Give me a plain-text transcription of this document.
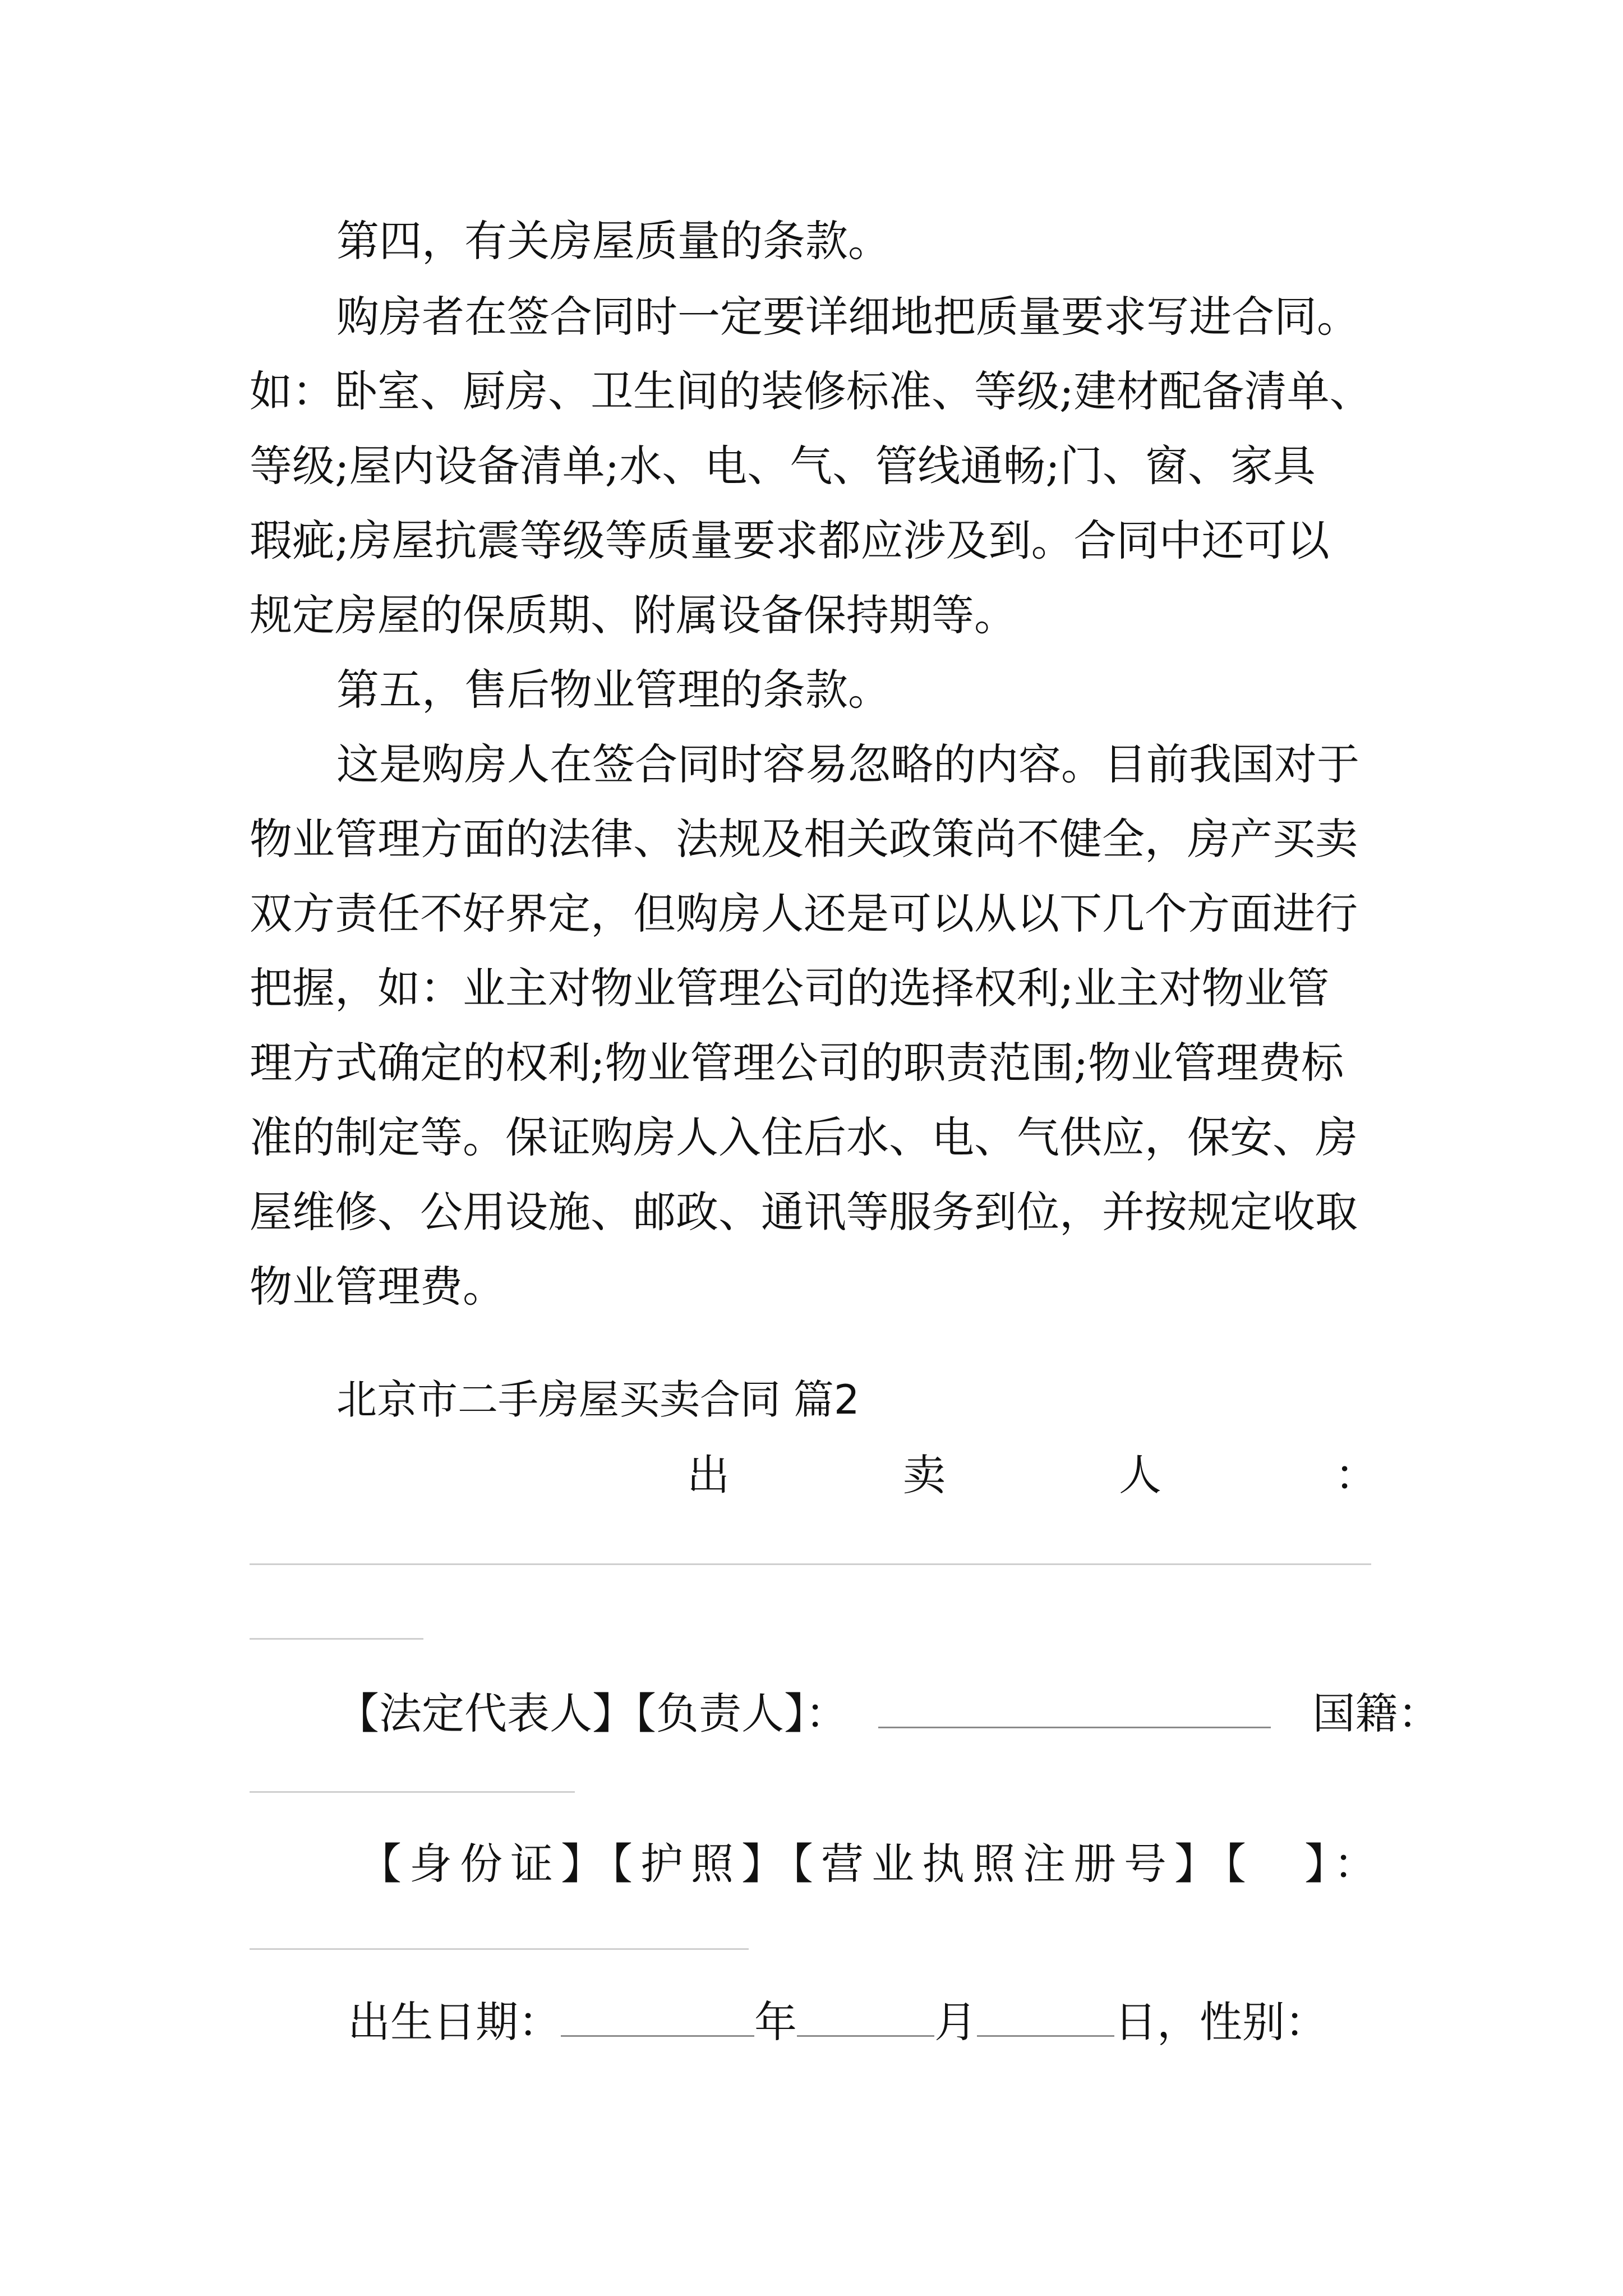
第四，有关房屋质量的条款。
购房者在签合同时一定要详细地把质量要求写进合同。
如：卧室、厨房、卫生间的装修标准、等级;建材配备清单、
等级;屋内设备清单;水、电、气、管线通畅;门、窗、家具
瑕疵;房屋抗震等级等质量要求都应涉及到。合同中还可以
规定房屋的保质期、附属设备保持期等。
第五，售后物业管理的条款。
这是购房人在签合同时容易忽略的内容。目前我国对于
物业管理方面的法律、法规及相关政策尚不健全，房产买卖
双方责任不好界定，但购房人还是可以从以下几个方面进行
把握，如：业主对物业管理公司的选择权利;业主对物业管
理方式确定的权利;物业管理公司的职责范围;物业管理费标
准的制定等。保证购房人入住后水、电、气供应，保安、房
屋维修、公用设施、邮政、通讯等服务到位，并按规定收取
物业管理费。
北京市二手房屋买卖合同 篇2
出	卖	人	：
【法定代表人】【负责人】：	国籍：
【身份证】【护照】【营业执照注册号】【　】：
出生日期：	年	月	日，性别：
